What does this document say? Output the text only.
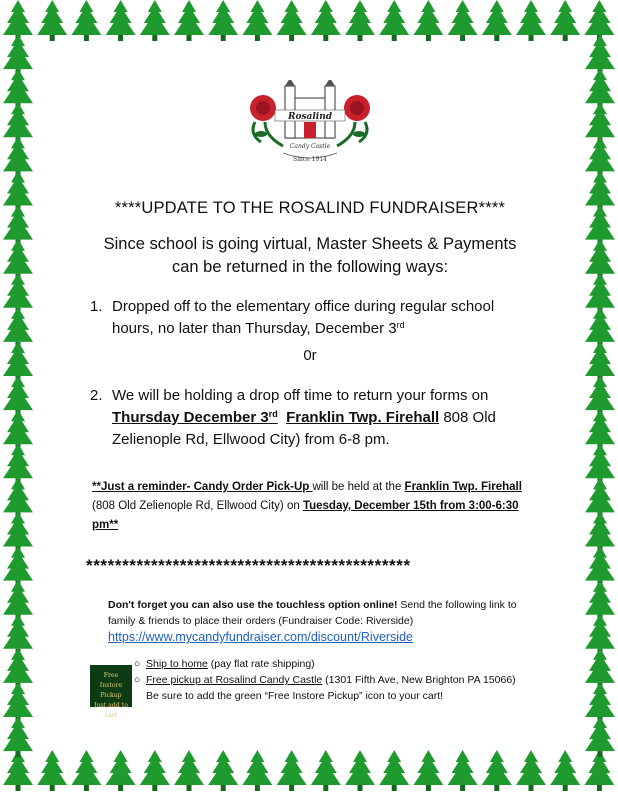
Rosalind
Candy Castle
Since 1914
****UPDATE TO THE ROSALIND FUNDRAISER****
Since school is going virtual, Master Sheets & Payments
can be returned in the following ways:
1. Dropped off to the elementary office during regular school hours, no later than Thursday, December 3rd
0r
2. We will be holding a drop off time to return your forms on Thursday December 3rd Franklin Twp. Firehall 808 Old Zelienople Rd, Ellwood City) from 6-8 pm.
**Just a reminder- Candy Order Pick-Up will be held at the Franklin Twp. Firehall (808 Old Zelienople Rd, Ellwood City) on Tuesday, December 15th from 3:00-6:30 pm**
*********************************************
Don't forget you can also use the touchless option online! Send the following link to family & friends to place their orders (Fundraiser Code: Riverside)
https://www.mycandyfundraiser.com/discount/Riverside
Free
Instore Pickup
Just add to cart
○ Ship to home (pay flat rate shipping)
○ Free pickup at Rosalind Candy Castle (1301 Fifth Ave, New Brighton PA 15066)
Be sure to add the green “Free Instore Pickup” icon to your cart!
